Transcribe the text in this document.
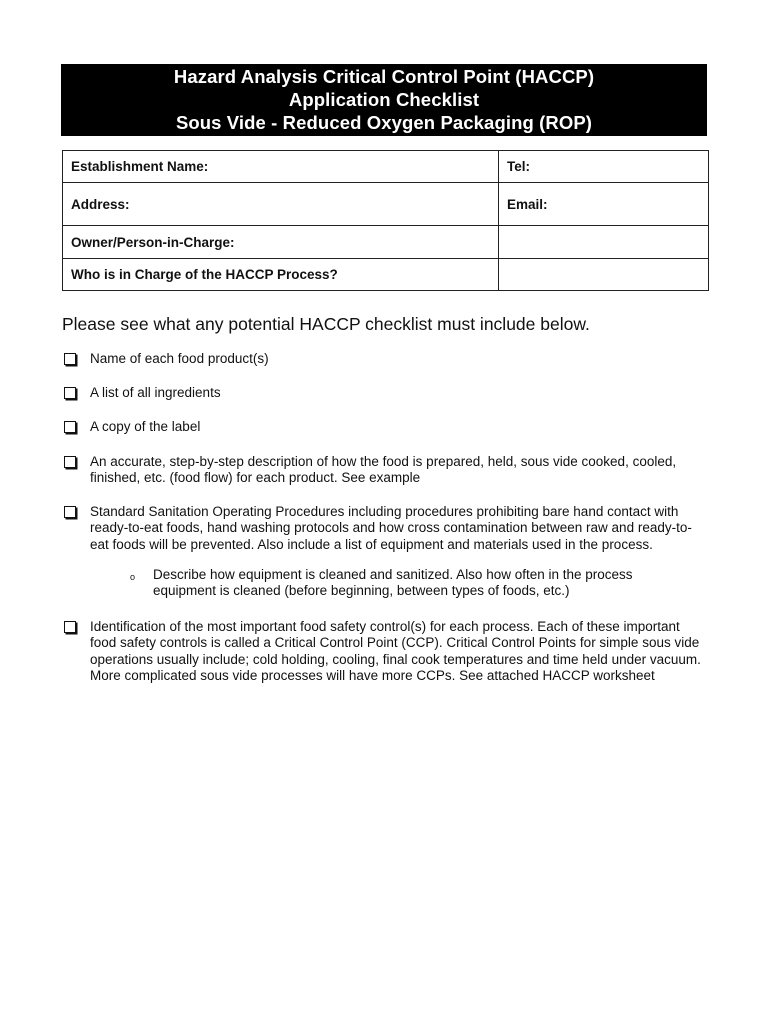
Hazard Analysis Critical Control Point (HACCP)
Application Checklist
Sous Vide - Reduced Oxygen Packaging (ROP)
Establishment Name:	Tel:
Address:	Email:
Owner/Person-in-Charge:	
Who is in Charge of the HACCP Process?	
Please see what any potential HACCP checklist must include below.
Name of each food product(s)
A list of all ingredients
A copy of the label
An accurate, step-by-step description of how the food is prepared, held, sous vide cooked, cooled, finished, etc. (food flow) for each product. See example
Standard Sanitation Operating Procedures including procedures prohibiting bare hand contact with ready-to-eat foods, hand washing protocols and how cross contamination between raw and ready-to-eat foods will be prevented. Also include a list of equipment and materials used in the process.
o Describe how equipment is cleaned and sanitized. Also how often in the process equipment is cleaned (before beginning, between types of foods, etc.)
Identification of the most important food safety control(s) for each process. Each of these important food safety controls is called a Critical Control Point (CCP). Critical Control Points for simple sous vide operations usually include; cold holding, cooling, final cook temperatures and time held under vacuum. More complicated sous vide processes will have more CCPs. See attached HACCP worksheet
